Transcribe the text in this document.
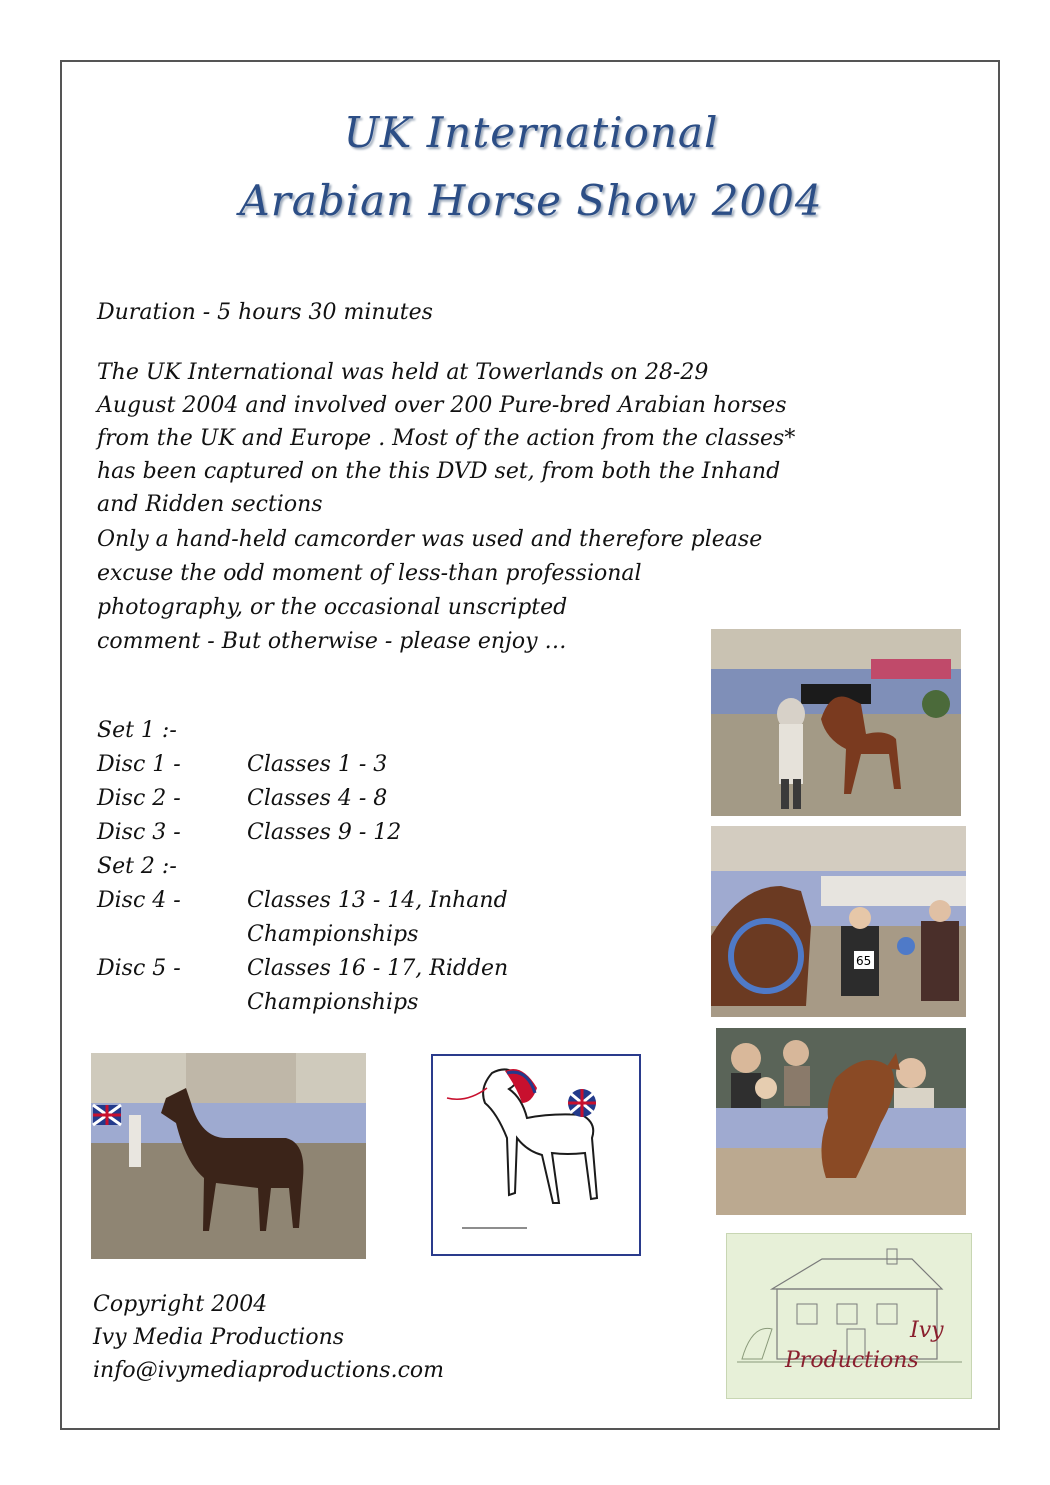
UK International
Arabian Horse Show 2004
Duration - 5 hours 30 minutes
The UK International was held at Towerlands on 28-29
August 2004 and involved over 200 Pure-bred Arabian horses
from the UK and Europe . Most of the action from the classes*
has been captured on the this DVD set, from both the Inhand
and Ridden sections
Only a hand-held camcorder was used and therefore please
excuse the odd moment of less-than professional
photography, or the occasional unscripted
comment - But otherwise - please enjoy …
Set 1 :-
Disc 1 -	Classes 1 - 3
Disc 2 -	Classes 4 - 8
Disc 3 -	Classes 9 - 12
Set 2 :-
Disc 4 -	Classes 13 - 14, Inhand
Championships
Disc 5 -	Classes 16 - 17, Ridden
Championships
65
Ivy
Productions
Copyright 2004
Ivy Media Productions
info@ivymediaproductions.com
